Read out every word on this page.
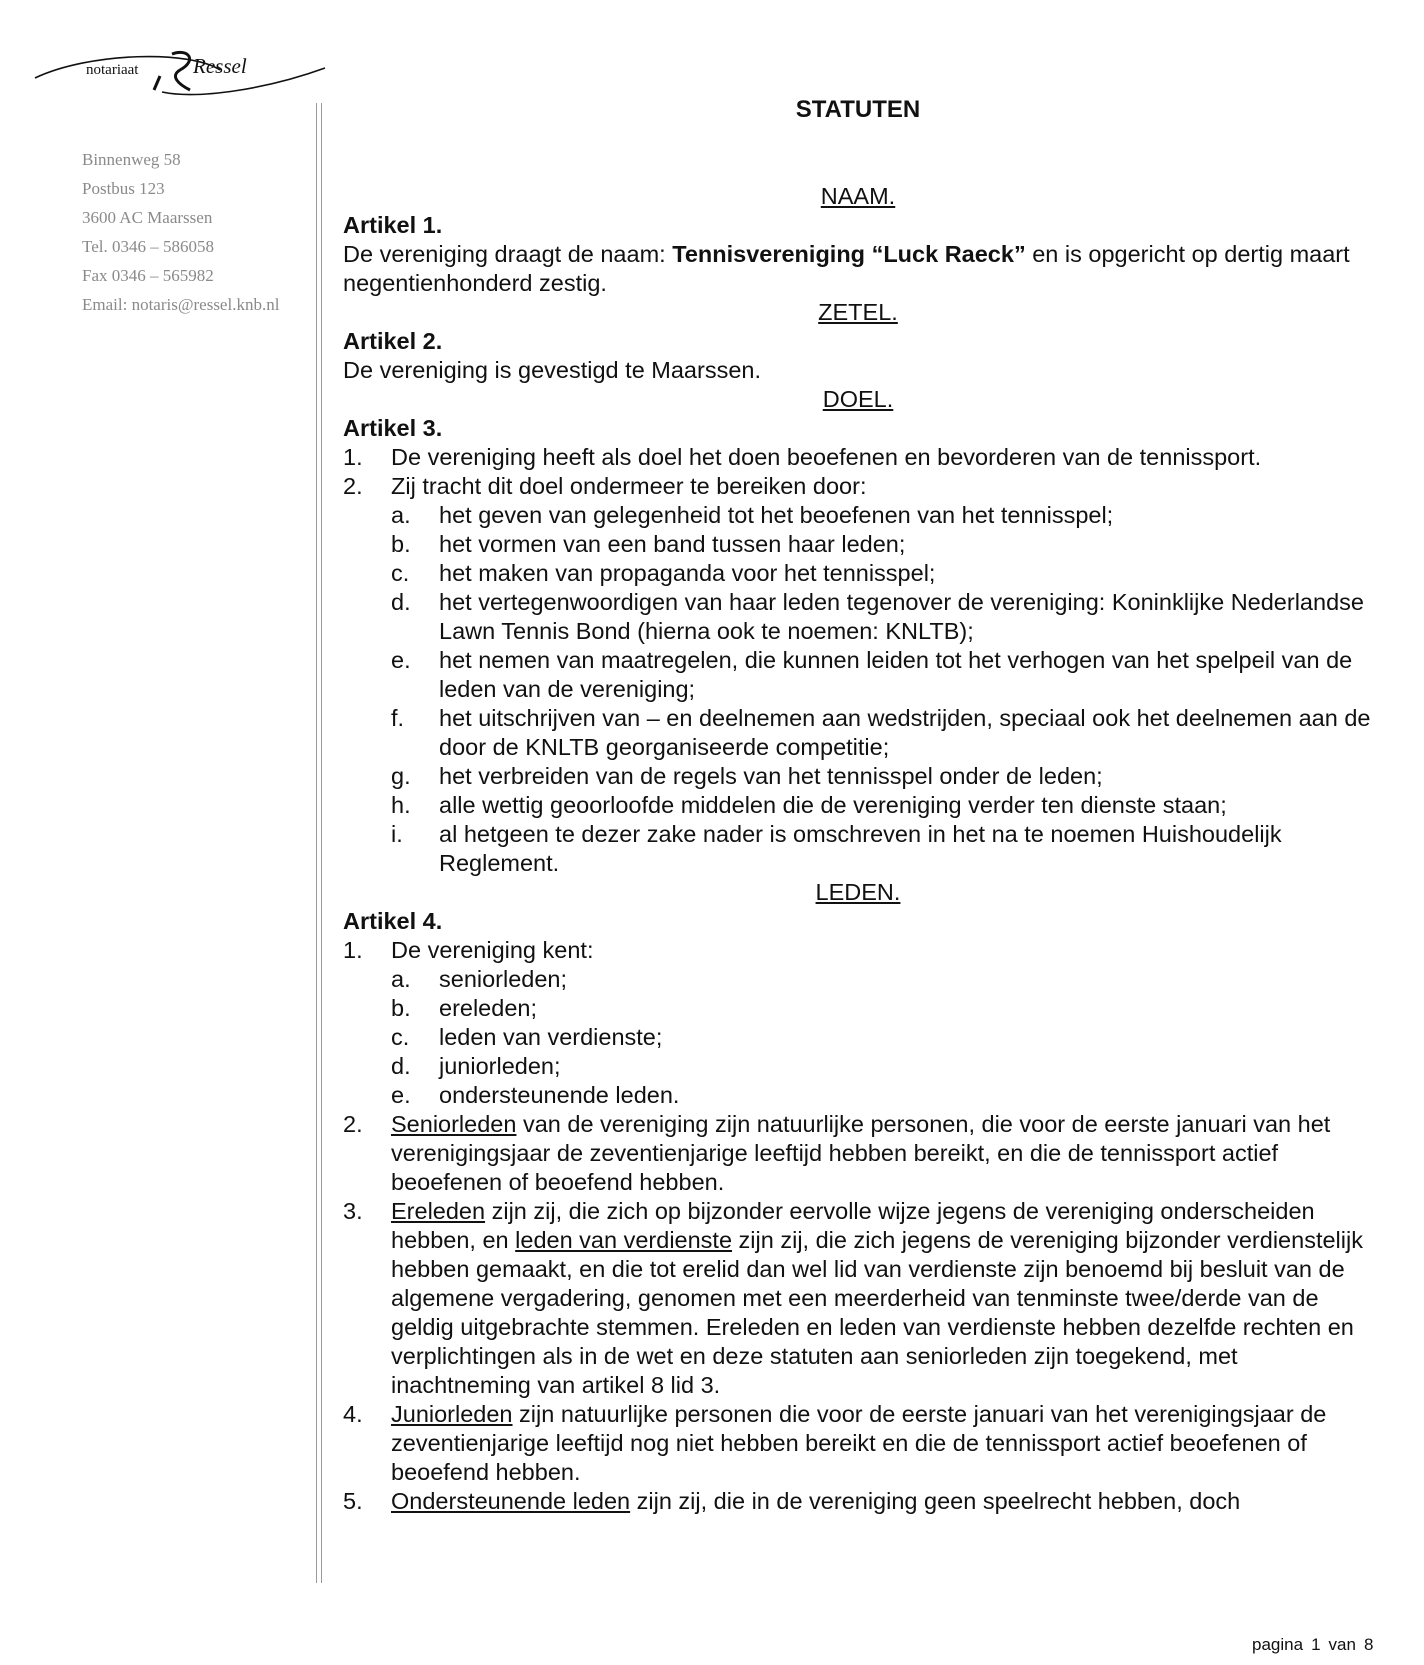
notariaat	Ressel
Binnenweg 58
Postbus 123
3600 AC Maarssen
Tel. 0346 – 586058
Fax 0346 – 565982
Email: notaris@ressel.knb.nl
STATUTEN
NAAM.
Artikel 1.
De vereniging draagt de naam: Tennisvereniging “Luck Raeck” en is opgericht op dertig maart negentienhonderd zestig.
ZETEL.
Artikel 2.
De vereniging is gevestigd te Maarssen.
DOEL.
Artikel 3.
1. De vereniging heeft als doel het doen beoefenen en bevorderen van de tennissport.
2. Zij tracht dit doel ondermeer te bereiken door:
a. het geven van gelegenheid tot het beoefenen van het tennisspel;
b. het vormen van een band tussen haar leden;
c. het maken van propaganda voor het tennisspel;
d. het vertegenwoordigen van haar leden tegenover de vereniging: Koninklijke Nederlandse Lawn Tennis Bond (hierna ook te noemen: KNLTB);
e. het nemen van maatregelen, die kunnen leiden tot het verhogen van het spelpeil van de leden van de vereniging;
f. het uitschrijven van – en deelnemen aan wedstrijden, speciaal ook het deelnemen aan de door de KNLTB georganiseerde competitie;
g. het verbreiden van de regels van het tennisspel onder de leden;
h. alle wettig geoorloofde middelen die de vereniging verder ten dienste staan;
i. al hetgeen te dezer zake nader is omschreven in het na te noemen Huishoudelijk Reglement.
LEDEN.
Artikel 4.
1. De vereniging kent:
a. seniorleden;
b. ereleden;
c. leden van verdienste;
d. juniorleden;
e. ondersteunende leden.
2. Seniorleden van de vereniging zijn natuurlijke personen, die voor de eerste januari van het verenigingsjaar de zeventienjarige leeftijd hebben bereikt, en die de tennissport actief beoefenen of beoefend hebben.
3. Ereleden zijn zij, die zich op bijzonder eervolle wijze jegens de vereniging onderscheiden hebben, en leden van verdienste zijn zij, die zich jegens de vereniging bijzonder verdienstelijk hebben gemaakt, en die tot erelid dan wel lid van verdienste zijn benoemd bij besluit van de algemene vergadering, genomen met een meerderheid van tenminste twee/derde van de geldig uitgebrachte stemmen. Ereleden en leden van verdienste hebben dezelfde rechten en verplichtingen als in de wet en deze statuten aan seniorleden zijn toegekend, met inachtneming van artikel 8 lid 3.
4. Juniorleden zijn natuurlijke personen die voor de eerste januari van het verenigingsjaar de zeventienjarige leeftijd nog niet hebben bereikt en die de tennissport actief beoefenen of beoefend hebben.
5. Ondersteunende leden zijn zij, die in de vereniging geen speelrecht hebben, doch
pagina 1 van 8
